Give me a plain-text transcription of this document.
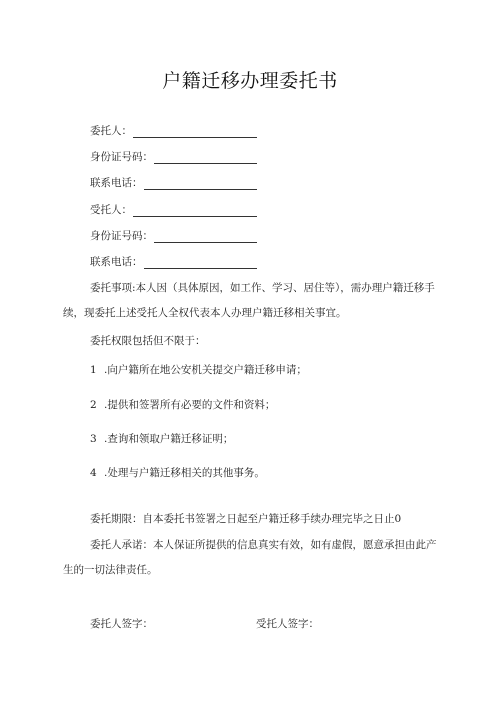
户籍迁移办理委托书
委托人：
身份证号码：
联系电话：
受托人：
身份证号码：
联系电话：
委托事项:本人因（具体原因，如工作、学习、居住等），需办理户籍迁移手续，现委托上述受托人全权代表本人办理户籍迁移相关事宜。
委托权限包括但不限于：
1 .向户籍所在地公安机关提交户籍迁移申请；
2 .提供和签署所有必要的文件和资料；
3 .查询和领取户籍迁移证明；
4 .处理与户籍迁移相关的其他事务。
委托期限：自本委托书签署之日起至户籍迁移手续办理完毕之日止0
委托人承诺：本人保证所提供的信息真实有效，如有虚假，愿意承担由此产生的一切法律责任。
委托人签字：	受托人签字：
